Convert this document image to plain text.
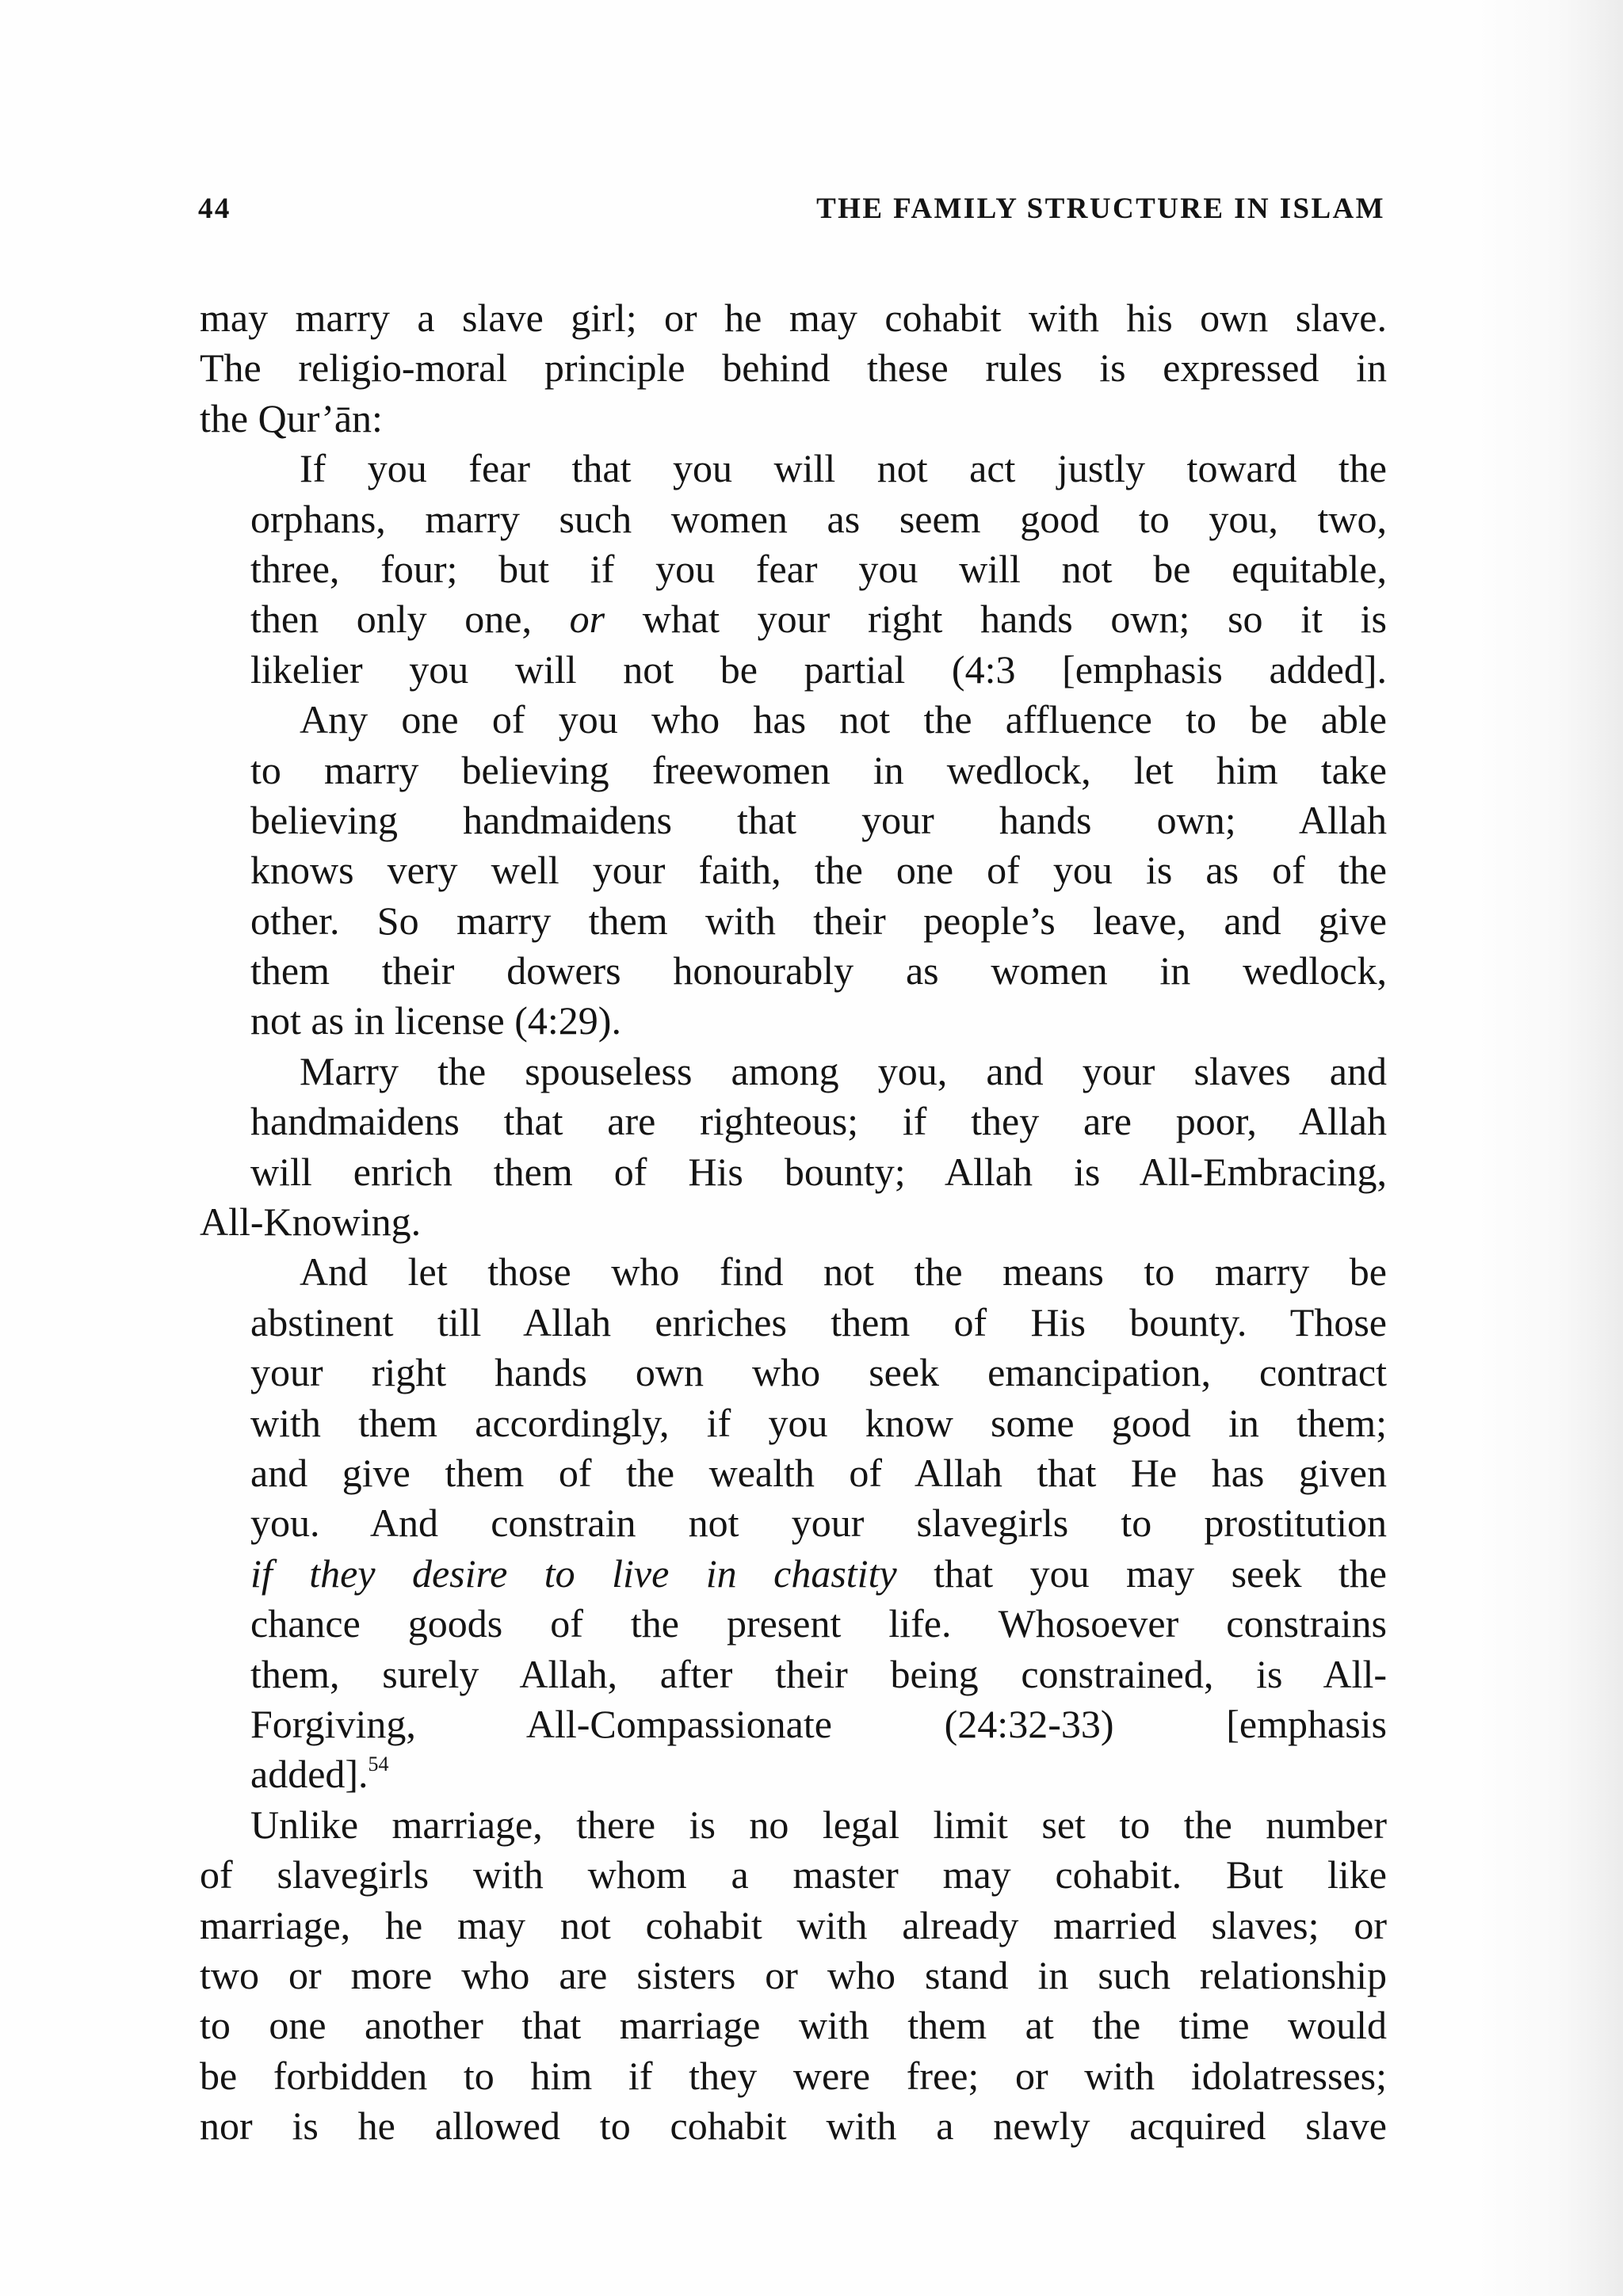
44	THE FAMILY STRUCTURE IN ISLAM
may marry a slave girl; or he may cohabit with his own slave.
The religio-moral principle behind these rules is expressed in
the Qur’ān:
If you fear that you will not act justly toward the
orphans, marry such women as seem good to you, two,
three, four; but if you fear you will not be equitable,
then only one, or what your right hands own; so it is
likelier you will not be partial (4:3 [emphasis added].
Any one of you who has not the affluence to be able
to marry believing freewomen in wedlock, let him take
believing handmaidens that your hands own; Allah
knows very well your faith, the one of you is as of the
other. So marry them with their people’s leave, and give
them their dowers honourably as women in wedlock,
not as in license (4:29).
Marry the spouseless among you, and your slaves and
handmaidens that are righteous; if they are poor, Allah
will enrich them of His bounty; Allah is All-Embracing,
All-Knowing.
And let those who find not the means to marry be
abstinent till Allah enriches them of His bounty. Those
your right hands own who seek emancipation, contract
with them accordingly, if you know some good in them;
and give them of the wealth of Allah that He has given
you. And constrain not your slavegirls to prostitution
if they desire to live in chastity that you may seek the
chance goods of the present life. Whosoever constrains
them, surely Allah, after their being constrained, is All-
Forgiving, All-Compassionate (24:32-33) [emphasis
added].$^{54}$
Unlike marriage, there is no legal limit set to the number
of slavegirls with whom a master may cohabit. But like
marriage, he may not cohabit with already married slaves; or
two or more who are sisters or who stand in such relationship
to one another that marriage with them at the time would
be forbidden to him if they were free; or with idolatresses;
nor is he allowed to cohabit with a newly acquired slave
